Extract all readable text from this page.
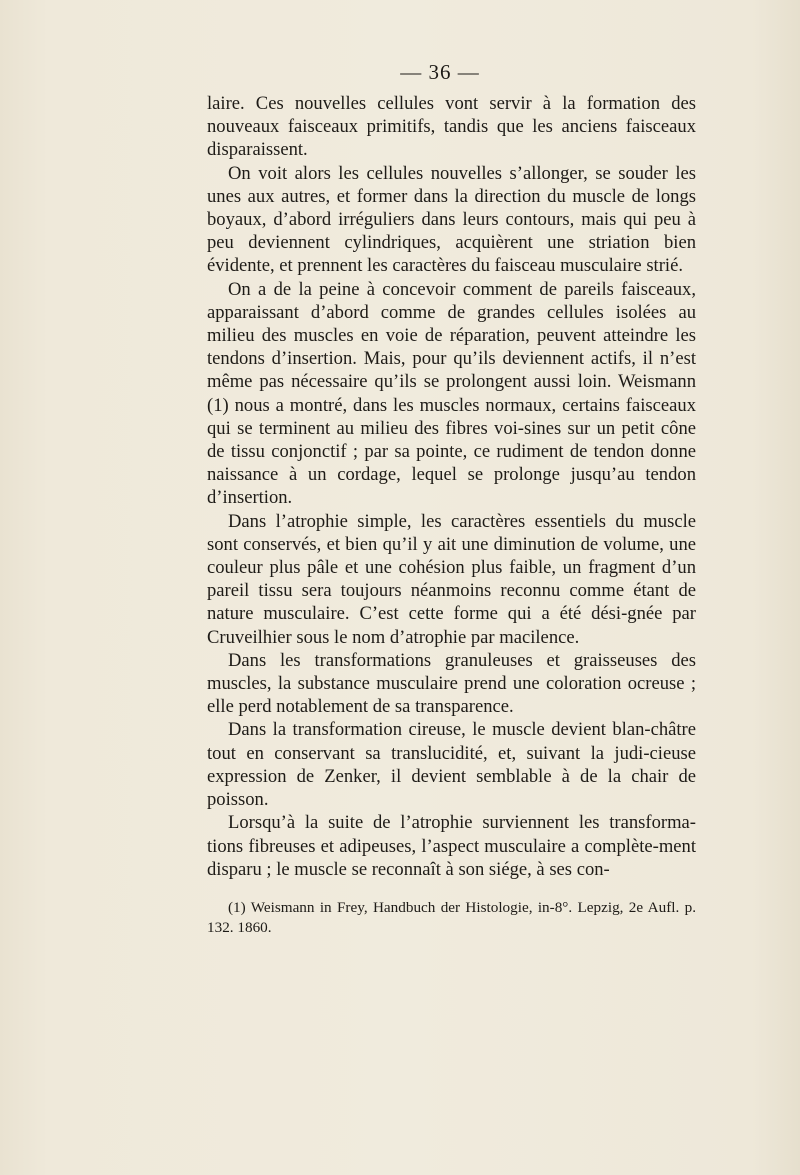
— 36 —

laire. Ces nouvelles cellules vont servir à la formation des nouveaux faisceaux primitifs, tandis que les anciens faisceaux disparaissent.

On voit alors les cellules nouvelles s’allonger, se souder les unes aux autres, et former dans la direction du muscle de longs boyaux, d’abord irréguliers dans leurs contours, mais qui peu à peu deviennent cylindriques, acquièrent une striation bien évidente, et prennent les caractères du faisceau musculaire strié.

On a de la peine à concevoir comment de pareils faisceaux, apparaissant d’abord comme de grandes cellules isolées au milieu des muscles en voie de réparation, peuvent atteindre les tendons d’insertion. Mais, pour qu’ils deviennent actifs, il n’est même pas nécessaire qu’ils se prolongent aussi loin. Weismann (1) nous a montré, dans les muscles normaux, certains faisceaux qui se terminent au milieu des fibres voi-sines sur un petit cône de tissu conjonctif ; par sa pointe, ce rudiment de tendon donne naissance à un cordage, lequel se prolonge jusqu’au tendon d’insertion.

Dans l’atrophie simple, les caractères essentiels du muscle sont conservés, et bien qu’il y ait une diminution de volume, une couleur plus pâle et une cohésion plus faible, un fragment d’un pareil tissu sera toujours néanmoins reconnu comme étant de nature musculaire. C’est cette forme qui a été dési-gnée par Cruveilhier sous le nom d’atrophie par macilence.

Dans les transformations granuleuses et graisseuses des muscles, la substance musculaire prend une coloration ocreuse ; elle perd notablement de sa transparence.

Dans la transformation cireuse, le muscle devient blan-châtre tout en conservant sa translucidité, et, suivant la judi-cieuse expression de Zenker, il devient semblable à de la chair de poisson.

Lorsqu’à la suite de l’atrophie surviennent les transforma-tions fibreuses et adipeuses, l’aspect musculaire a complète-ment disparu ; le muscle se reconnaît à son siége, à ses con-

(1) Weismann in Frey, Handbuch der Histologie, in-8°. Lepzig, 2e Aufl. p. 132. 1860.
